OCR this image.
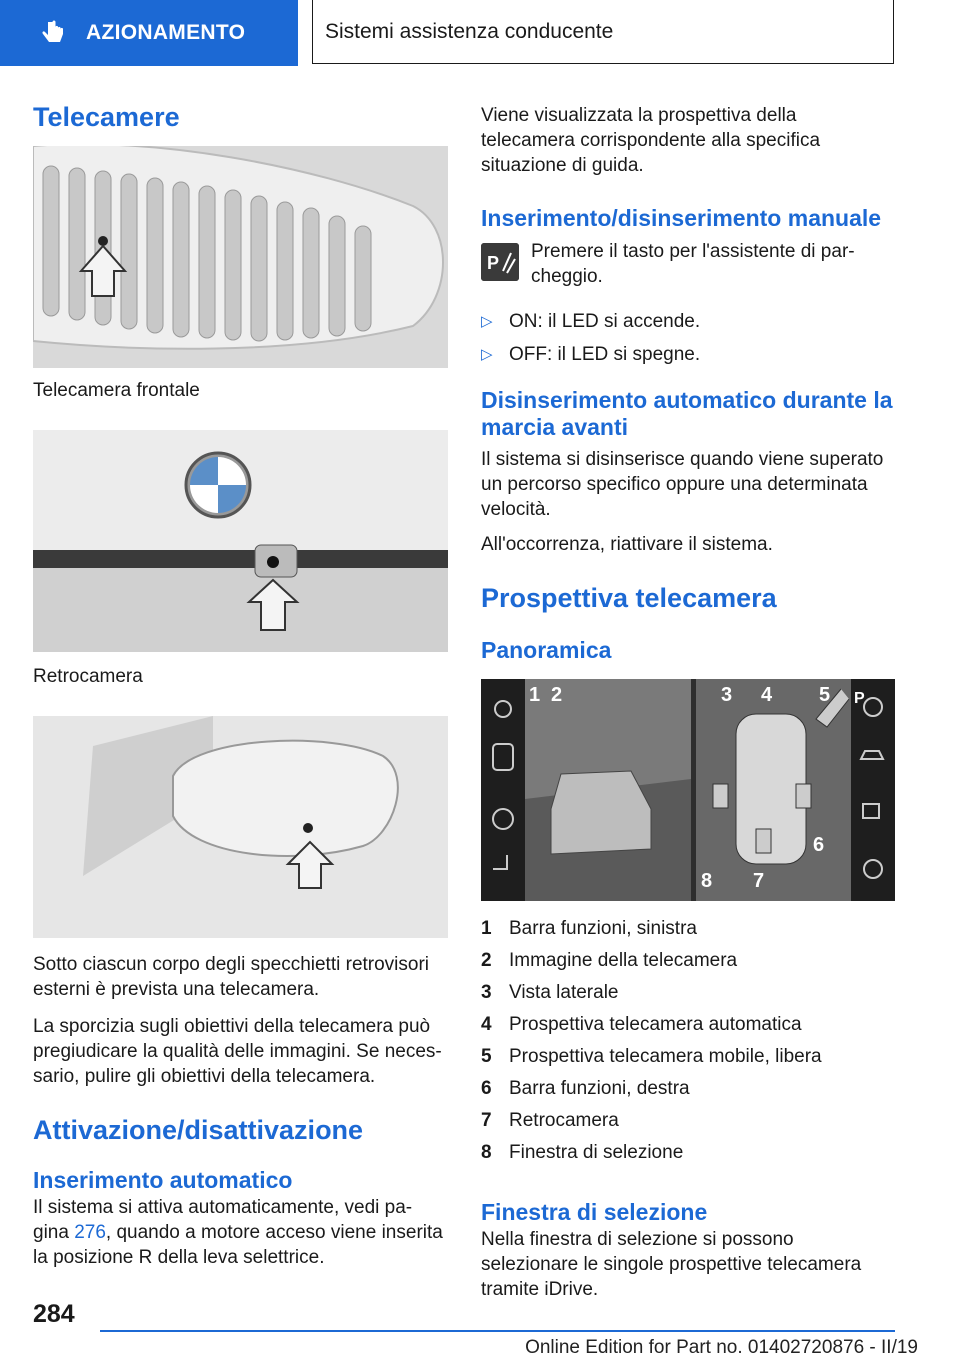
AZIONAMENTO	Sistemi assistenza conducente
Telecamere
Telecamera frontale
Retrocamera

Sotto ciascun corpo degli specchietti retrovisori esterni è prevista una telecamera.

La sporcizia sugli obiettivi della telecamera può pregiudicare la qualità delle immagini. Se neces-sario, pulire gli obiettivi della telecamera.

Attivazione/disattivazione
Inserimento automatico

Il sistema si attiva automaticamente, vedi pa-gina 276, quando a motore acceso viene inserita la posizione R della leva selettrice.

Viene visualizzata la prospettiva della telecamera corrispondente alla specifica situazione di guida.

Inserimento/disinserimento manuale
P

Premere il tasto per l'assistente di par-cheggio.

▷ ON: il LED si accende.
▷ OFF: il LED si spegne.
Disinserimento automatico durante la marcia avanti

Il sistema si disinserisce quando viene superato un percorso specifico oppure una determinata velocità.

All'occorrenza, riattivare il sistema.

Prospettiva telecamera
Panoramica
P
1 2	3 4 5
6
7
8
1 Barra funzioni, sinistra
2 Immagine della telecamera
3 Vista laterale
4 Prospettiva telecamera automatica
5 Prospettiva telecamera mobile, libera
6 Barra funzioni, destra
7 Retrocamera
8 Finestra di selezione
Finestra di selezione

Nella finestra di selezione si possono selezionare le singole prospettive telecamera tramite iDrive.

284
Online Edition for Part no. 01402720876 - II/19
